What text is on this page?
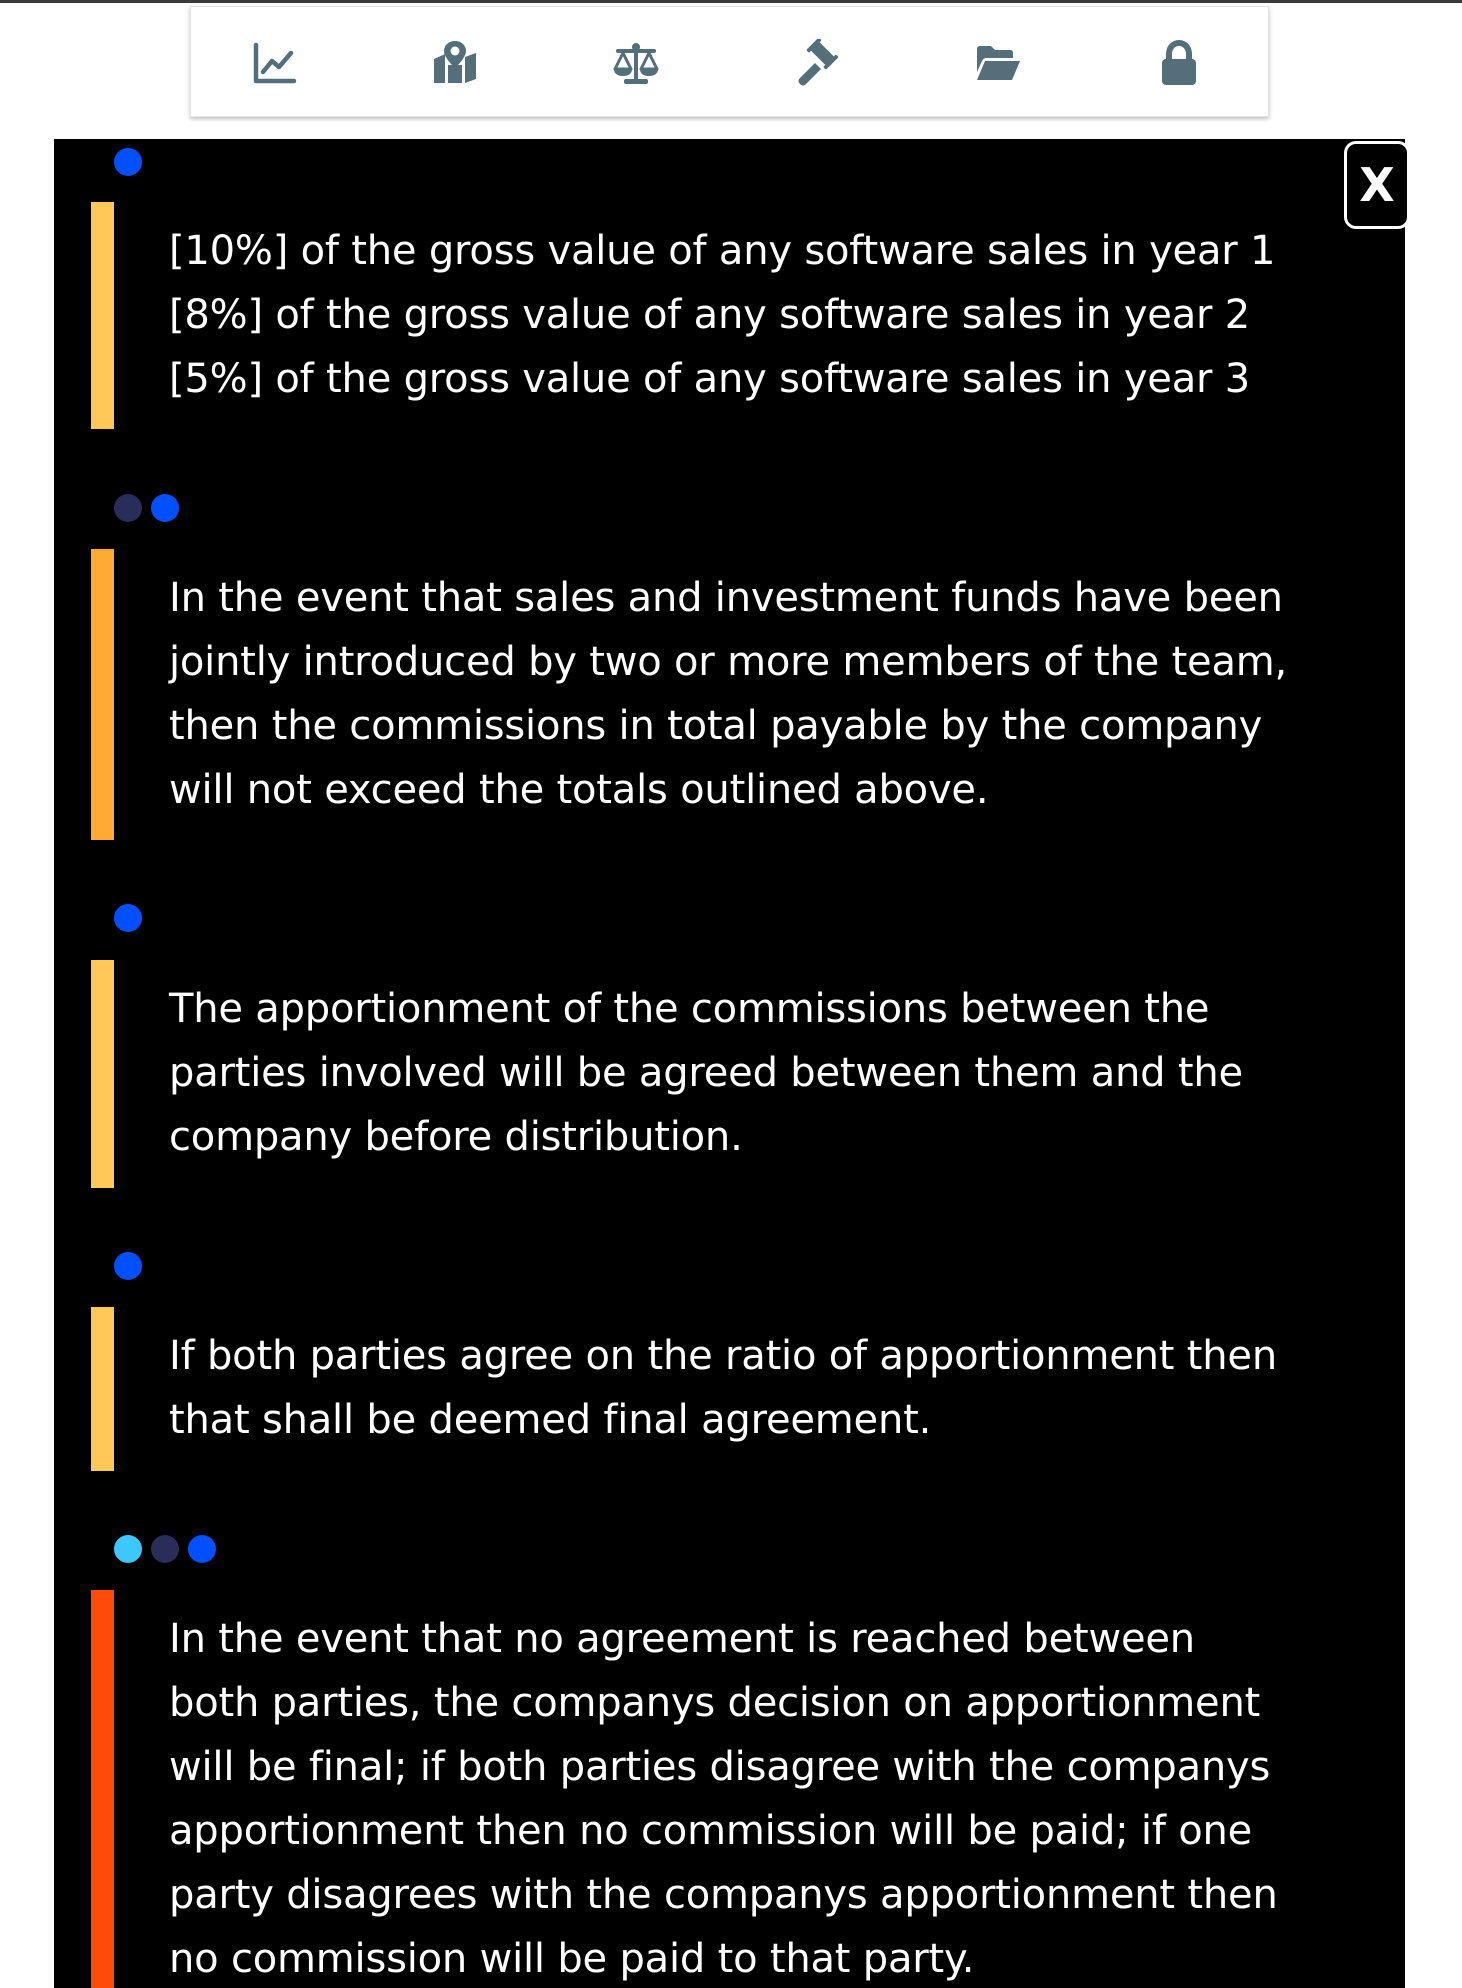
[10%] of the gross value of any software sales in year 1
[8%] of the gross value of any software sales in year 2
[5%] of the gross value of any software sales in year 3
In the event that sales and investment funds have been
jointly introduced by two or more members of the team,
then the commissions in total payable by the company
will not exceed the totals outlined above.
The apportionment of the commissions between the
parties involved will be agreed between them and the
company before distribution.
If both parties agree on the ratio of apportionment then
that shall be deemed final agreement.
In the event that no agreement is reached between
both parties, the companys decision on apportionment
will be final; if both parties disagree with the companys
apportionment then no commission will be paid; if one
party disagrees with the companys apportionment then
no commission will be paid to that party.
X
